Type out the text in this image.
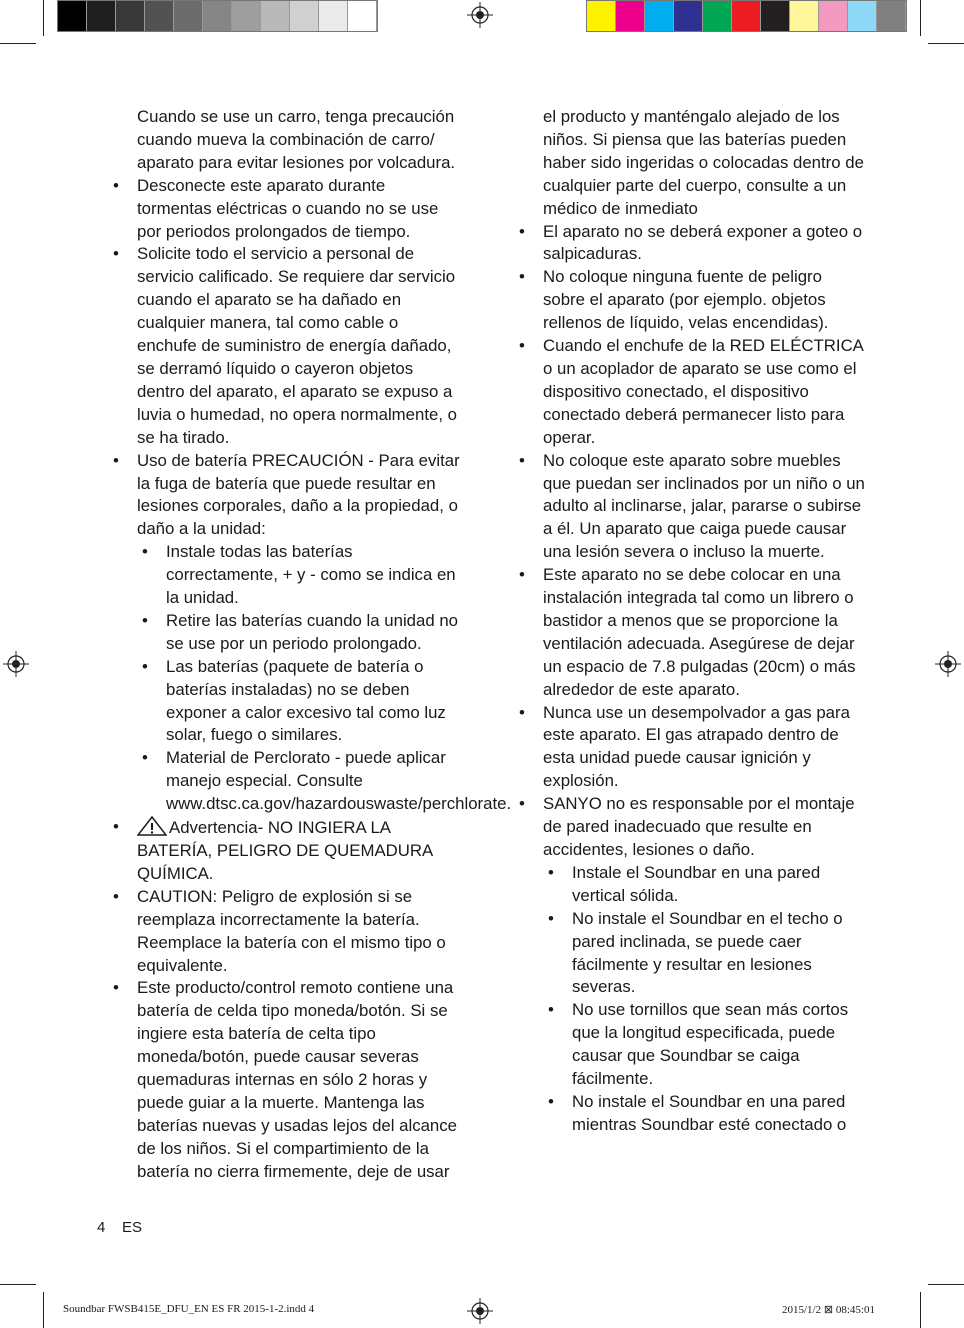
Cuando se use un carro, tenga precaución cuando mueva la combinación de carro/ aparato para evitar lesiones por volcadura.

• Desconecte este aparato durante tormentas eléctricas o cuando no se use por periodos prolongados de tiempo.

• Solicite todo el servicio a personal de servicio calificado. Se requiere dar servicio cuando el aparato se ha dañado en cualquier manera, tal como cable o enchufe de suministro de energía dañado, se derramó líquido o cayeron objetos dentro del aparato, el aparato se expuso a luvia o humedad, no opera normalmente, o se ha tirado.

• Uso de batería PRECAUCIÓN - Para evitar la fuga de batería que puede resultar en lesiones corporales, daño a la propiedad, o daño a la unidad:

• Instale todas las baterías correctamente, + y - como se indica en la unidad.

• Retire las baterías cuando la unidad no se use por un periodo prolongado.

• Las baterías (paquete de batería o baterías instaladas) no se deben exponer a calor excesivo tal como luz solar, fuego o similares.

• Material de Perclorato - puede aplicar manejo especial. Consulte www.dtsc.ca.gov/hazardouswaste/perchlorate.

• Advertencia- NO INGIERA LA BATERÍA, PELIGRO DE QUEMADURA QUÍMICA.

• CAUTION: Peligro de explosión si se reemplaza incorrectamente la batería. Reemplace la batería con el mismo tipo o equivalente.

• Este producto/control remoto contiene una batería de celda tipo moneda/botón. Si se ingiere esta batería de celta tipo moneda/botón, puede causar severas quemaduras internas en sólo 2 horas y puede guiar a la muerte. Mantenga las baterías nuevas y usadas lejos del alcance de los niños. Si el compartimiento de la batería no cierra firmemente, deje de usar

el producto y manténgalo alejado de los niños. Si piensa que las baterías pueden haber sido ingeridas o colocadas dentro de cualquier parte del cuerpo, consulte a un médico de inmediato

• El aparato no se deberá exponer a goteo o salpicaduras.

• No coloque ninguna fuente de peligro sobre el aparato (por ejemplo. objetos rellenos de líquido, velas encendidas).

• Cuando el enchufe de la RED ELÉCTRICA o un acoplador de aparato se use como el dispositivo conectado, el dispositivo conectado deberá permanecer listo para operar.

• No coloque este aparato sobre muebles que puedan ser inclinados por un niño o un adulto al inclinarse, jalar, pararse o subirse a él. Un aparato que caiga puede causar una lesión severa o incluso la muerte.

• Este aparato no se debe colocar en una instalación integrada tal como un librero o bastidor a menos que se proporcione la ventilación adecuada. Asegúrese de dejar un espacio de 7.8 pulgadas (20cm) o más alrededor de este aparato.

• Nunca use un desempolvador a gas para este aparato. El gas atrapado dentro de esta unidad puede causar ignición y explosión.

• SANYO no es responsable por el montaje de pared inadecuado que resulte en accidentes, lesiones o daño.

• Instale el Soundbar en una pared vertical sólida.

• No instale el Soundbar en el techo o pared inclinada, se puede caer fácilmente y resultar en lesiones severas.

• No use tornillos que sean más cortos que la longitud especificada, puede causar que Soundbar se caiga fácilmente.

• No instale el Soundbar en una pared mientras Soundbar esté conectado o

4 ES
Soundbar FWSB415E_DFU_EN ES FR 2015-1-2.indd 4	2015/1/2 ⊠ 08:45:01
